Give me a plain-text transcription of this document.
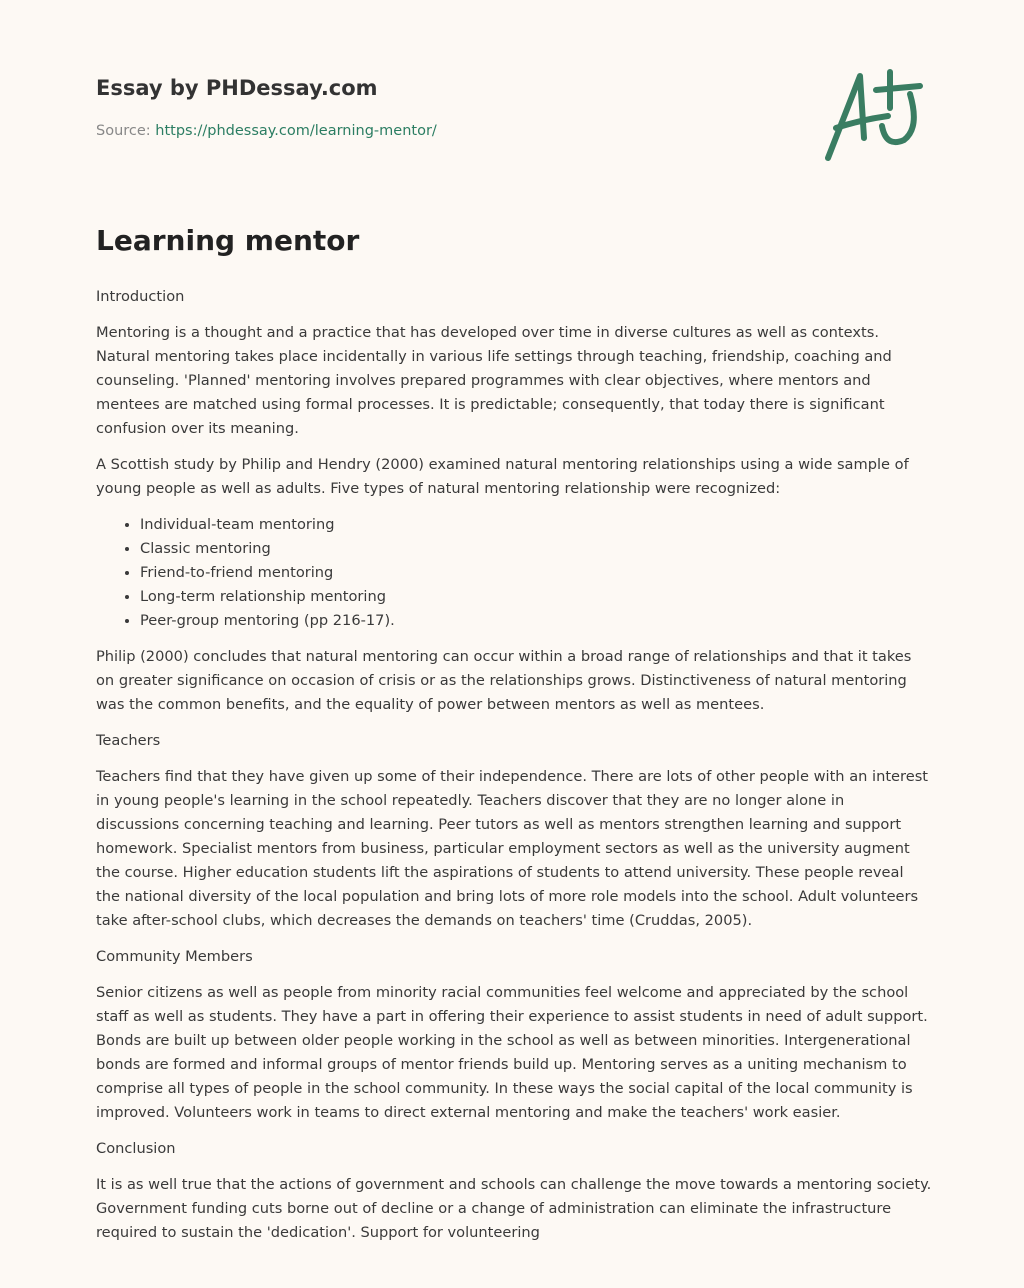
Essay by PHDessay.com
Source: https://phdessay.com/learning-mentor/
Learning mentor

Introduction

Mentoring is a thought and a practice that has developed over time in diverse cultures as well as contexts. Natural mentoring takes place incidentally in various life settings through teaching, friendship, coaching and counseling. 'Planned' mentoring involves prepared programmes with clear objectives, where mentors and mentees are matched using formal processes. It is predictable; consequently, that today there is significant confusion over its meaning.

A Scottish study by Philip and Hendry (2000) examined natural mentoring relationships using a wide sample of young people as well as adults. Five types of natural mentoring relationship were recognized:

• Individual-team mentoring
• Classic mentoring
• Friend-to-friend mentoring
• Long-term relationship mentoring
• Peer-group mentoring (pp 216-17).

Philip (2000) concludes that natural mentoring can occur within a broad range of relationships and that it takes on greater significance on occasion of crisis or as the relationships grows. Distinctiveness of natural mentoring was the common benefits, and the equality of power between mentors as well as mentees.

Teachers

Teachers find that they have given up some of their independence. There are lots of other people with an interest in young people's learning in the school repeatedly. Teachers discover that they are no longer alone in discussions concerning teaching and learning. Peer tutors as well as mentors strengthen learning and support homework. Specialist mentors from business, particular employment sectors as well as the university augment the course. Higher education students lift the aspirations of students to attend university. These people reveal the national diversity of the local population and bring lots of more role models into the school. Adult volunteers take after-school clubs, which decreases the demands on teachers' time (Cruddas, 2005).

Community Members

Senior citizens as well as people from minority racial communities feel welcome and appreciated by the school staff as well as students. They have a part in offering their experience to assist students in need of adult support. Bonds are built up between older people working in the school as well as between minorities. Intergenerational bonds are formed and informal groups of mentor friends build up. Mentoring serves as a uniting mechanism to comprise all types of people in the school community. In these ways the social capital of the local community is improved. Volunteers work in teams to direct external mentoring and make the teachers' work easier.

Conclusion

It is as well true that the actions of government and schools can challenge the move towards a mentoring society. Government funding cuts borne out of decline or a change of administration can eliminate the infrastructure required to sustain the 'dedication'. Support for volunteering
